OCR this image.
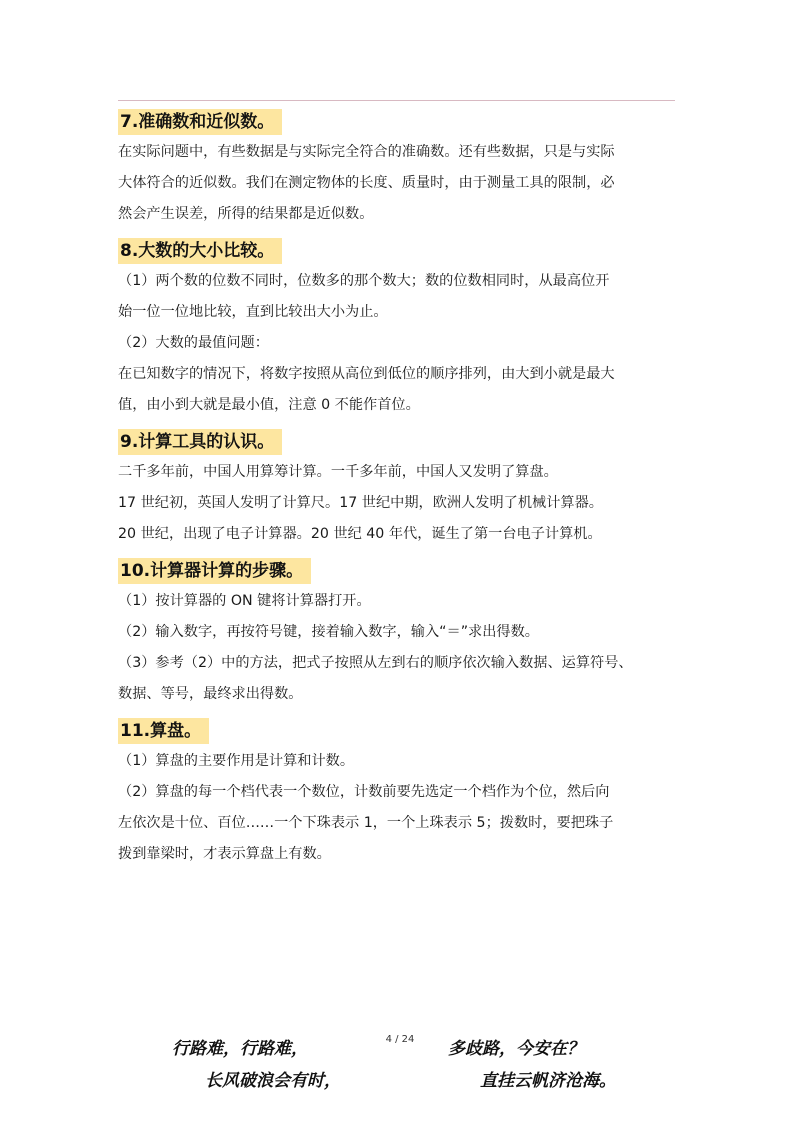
7.准确数和近似数。

在实际问题中，有些数据是与实际完全符合的准确数。还有些数据，只是与实际

大体符合的近似数。我们在测定物体的长度、质量时，由于测量工具的限制，必

然会产生误差，所得的结果都是近似数。

8.大数的大小比较。

（1）两个数的位数不同时，位数多的那个数大；数的位数相同时，从最高位开

始一位一位地比较，直到比较出大小为止。

（2）大数的最值问题：

在已知数字的情况下，将数字按照从高位到低位的顺序排列，由大到小就是最大

值，由小到大就是最小值，注意 0 不能作首位。

9.计算工具的认识。

二千多年前，中国人用算筹计算。一千多年前，中国人又发明了算盘。

17 世纪初，英国人发明了计算尺。17 世纪中期，欧洲人发明了机械计算器。

20 世纪，出现了电子计算器。20 世纪 40 年代，诞生了第一台电子计算机。

10.计算器计算的步骤。

（1）按计算器的 ON 键将计算器打开。

（2）输入数字，再按符号键，接着输入数字，输入“＝”求出得数。

（3）参考（2）中的方法，把式子按照从左到右的顺序依次输入数据、运算符号、

数据、等号，最终求出得数。

11.算盘。

（1）算盘的主要作用是计算和计数。

（2）算盘的每一个档代表一个数位，计数前要先选定一个档作为个位，然后向

左依次是十位、百位……一个下珠表示 1，一个上珠表示 5；拨数时，要把珠子

拨到靠梁时，才表示算盘上有数。

行路难，行路难，	4 / 24	多歧路，今安在？
长风破浪会有时，	直挂云帆济沧海。
